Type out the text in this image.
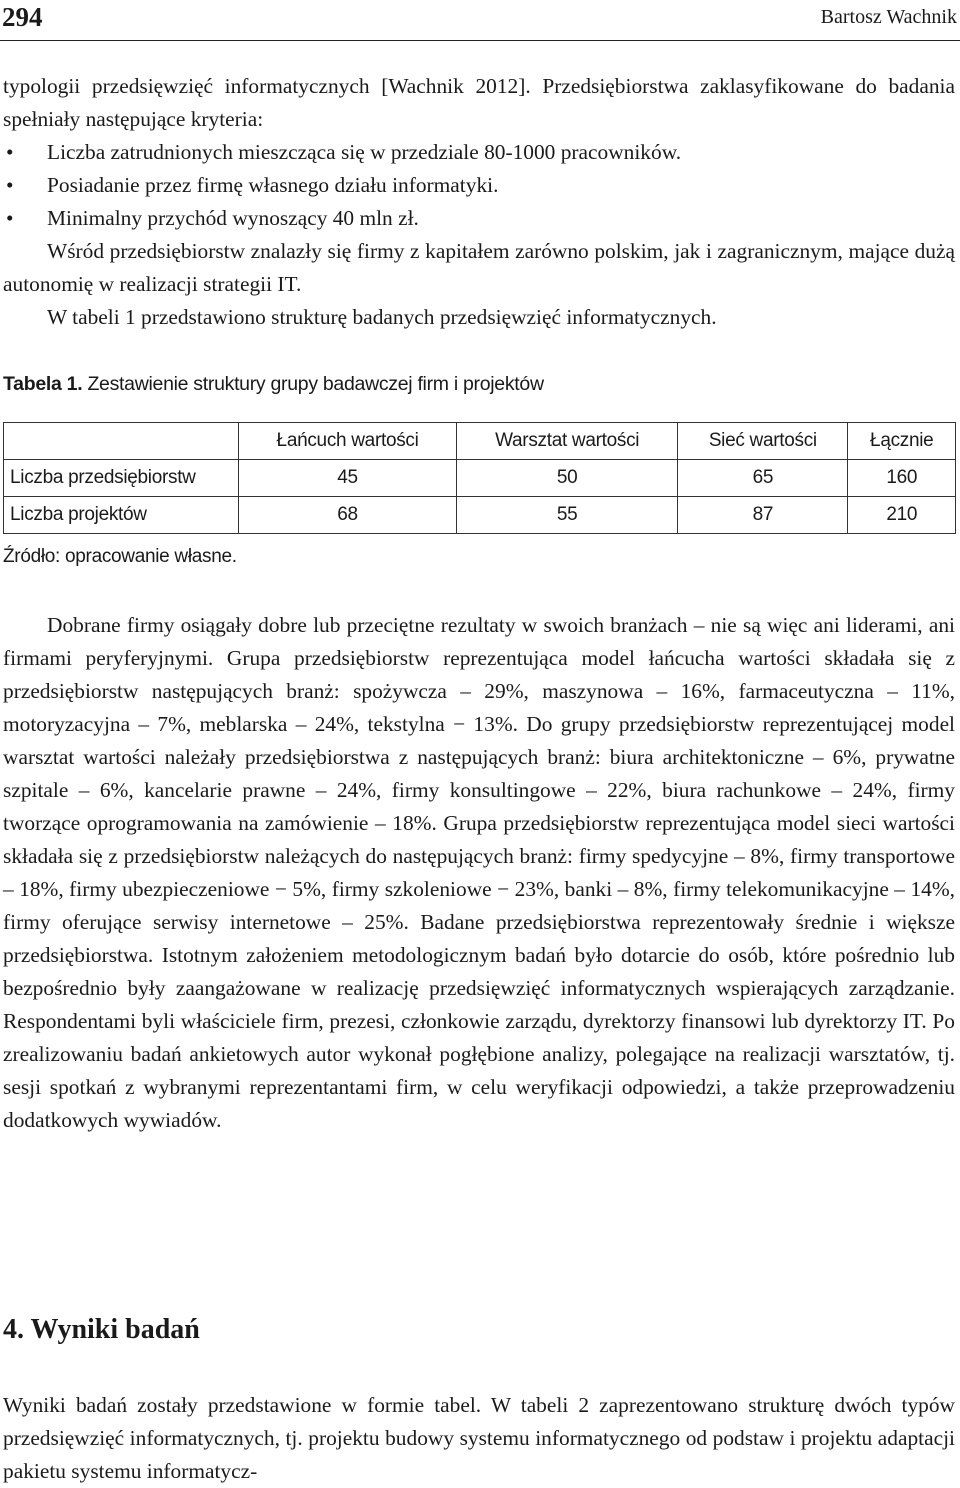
294	Bartosz Wachnik

typologii przedsięwzięć informatycznych [Wachnik 2012]. Przedsiębiorstwa zaklasyfikowane do badania spełniały następujące kryteria:

• Liczba zatrudnionych mieszcząca się w przedziale 80-1000 pracowników.
• Posiadanie przez firmę własnego działu informatyki.
• Minimalny przychód wynoszący 40 mln zł.

Wśród przedsiębiorstw znalazły się firmy z kapitałem zarówno polskim, jak i zagranicznym, mające dużą autonomię w realizacji strategii IT.

W tabeli 1 przedstawiono strukturę badanych przedsięwzięć informatycznych.

Tabela 1. Zestawienie struktury grupy badawczej firm i projektów
	Łańcuch wartości	Warsztat wartości	Sieć wartości	Łącznie
Liczba przedsiębiorstw	45	50	65	160
Liczba projektów	68	55	87	210
Źródło: opracowanie własne.

Dobrane firmy osiągały dobre lub przeciętne rezultaty w swoich branżach – nie są więc ani liderami, ani firmami peryferyjnymi. Grupa przedsiębiorstw reprezentująca model łańcucha wartości składała się z przedsiębiorstw następujących branż: spożywcza – 29%, maszynowa – 16%, farmaceutyczna – 11%, motoryzacyjna – 7%, meblarska – 24%, tekstylna − 13%. Do grupy przedsiębiorstw reprezentującej model warsztat wartości należały przedsiębiorstwa z następujących branż: biura architektoniczne – 6%, prywatne szpitale – 6%, kancelarie prawne – 24%, firmy konsultingowe – 22%, biura rachunkowe – 24%, firmy tworzące oprogramowania na zamówienie – 18%. Grupa przedsiębiorstw reprezentująca model sieci wartości składała się z przedsiębiorstw należących do następujących branż: firmy spedycyjne – 8%, firmy transportowe – 18%, firmy ubezpieczeniowe − 5%, firmy szkoleniowe − 23%, banki – 8%, firmy telekomunikacyjne – 14%, firmy oferujące serwisy internetowe – 25%. Badane przedsiębiorstwa reprezentowały średnie i większe przedsiębiorstwa. Istotnym założeniem metodologicznym badań było dotarcie do osób, które pośrednio lub bezpośrednio były zaangażowane w realizację przedsięwzięć informatycznych wspierających zarządzanie. Respondentami byli właściciele firm, prezesi, członkowie zarządu, dyrektorzy finansowi lub dyrektorzy IT. Po zrealizowaniu badań ankietowych autor wykonał pogłębione analizy, polegające na realizacji warsztatów, tj. sesji spotkań z wybranymi reprezentantami firm, w celu weryfikacji odpowiedzi, a także przeprowadzeniu dodatkowych wywiadów.

4. Wyniki badań

Wyniki badań zostały przedstawione w formie tabel. W tabeli 2 zaprezentowano strukturę dwóch typów przedsięwzięć informatycznych, tj. projektu budowy systemu informatycznego od podstaw i projektu adaptacji pakietu systemu informatycz-
